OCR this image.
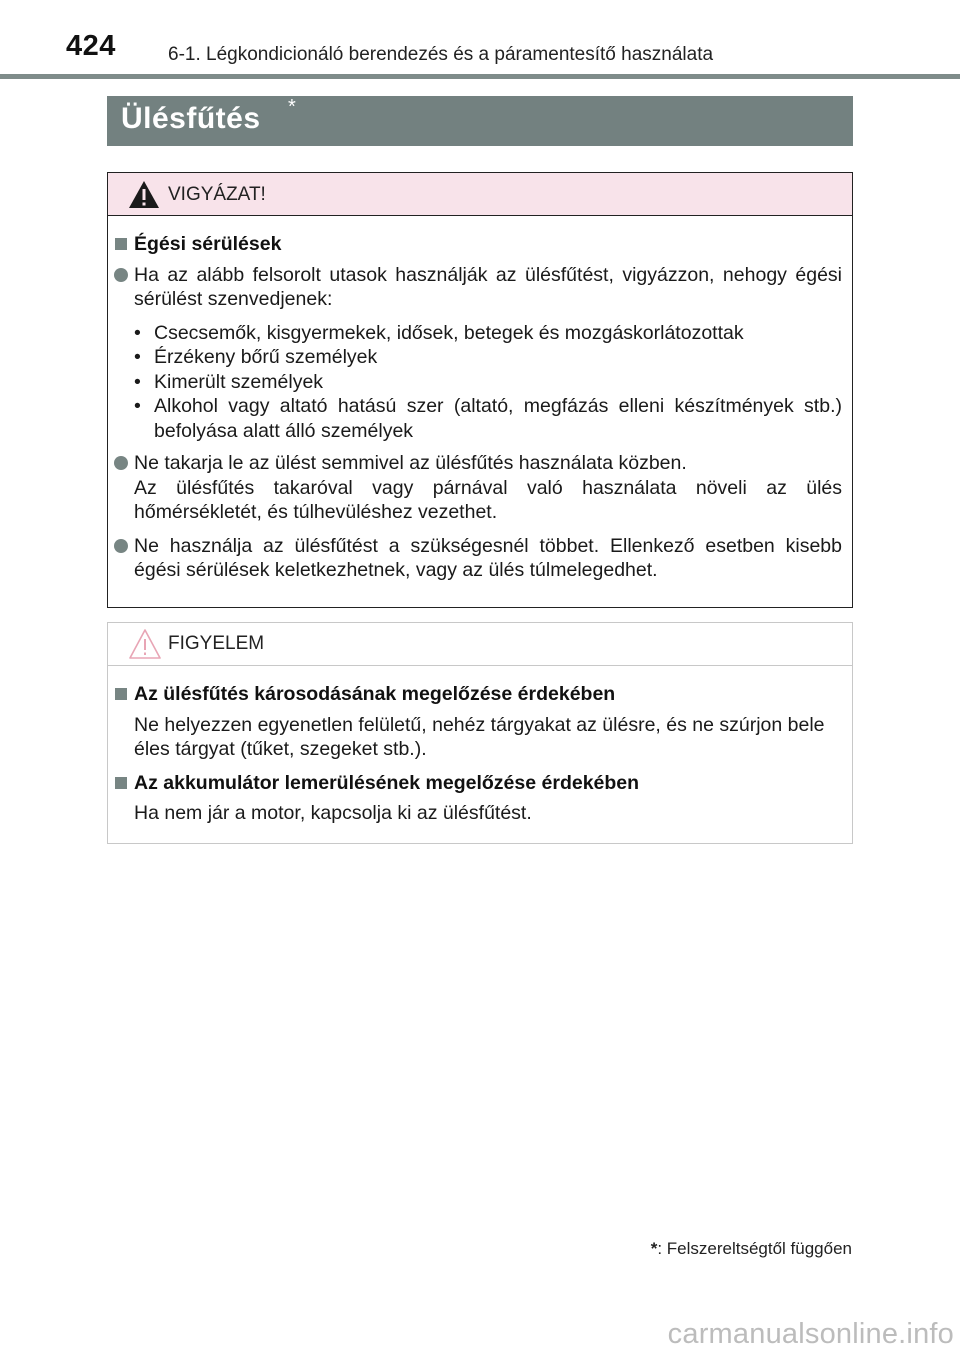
424	6-1. Légkondicionáló berendezés és a páramentesítő használata
Ülésfűtés *
VIGYÁZAT!
Égési sérülések
Ha az alább felsorolt utasok használják az ülésfűtést, vigyázzon, nehogy égési sérülést szenvedjenek:
• Csecsemők, kisgyermekek, idősek, betegek és mozgáskorlátozottak
• Érzékeny bőrű személyek
• Kimerült személyek
• Alkohol vagy altató hatású szer (altató, megfázás elleni készítmények stb.) befolyása alatt álló személyek
Ne takarja le az ülést semmivel az ülésfűtés használata közben.
Az ülésfűtés takaróval vagy párnával való használata növeli az ülés hőmérsékletét, és túlhevüléshez vezethet.
Ne használja az ülésfűtést a szükségesnél többet. Ellenkező esetben kisebb égési sérülések keletkezhetnek, vagy az ülés túlmelegedhet.
FIGYELEM
Az ülésfűtés károsodásának megelőzése érdekében
Ne helyezzen egyenetlen felületű, nehéz tárgyakat az ülésre, és ne szúrjon bele éles tárgyat (tűket, szegeket stb.).
Az akkumulátor lemerülésének megelőzése érdekében
Ha nem jár a motor, kapcsolja ki az ülésfűtést.
*: Felszereltségtől függően
carmanualsonline.info
